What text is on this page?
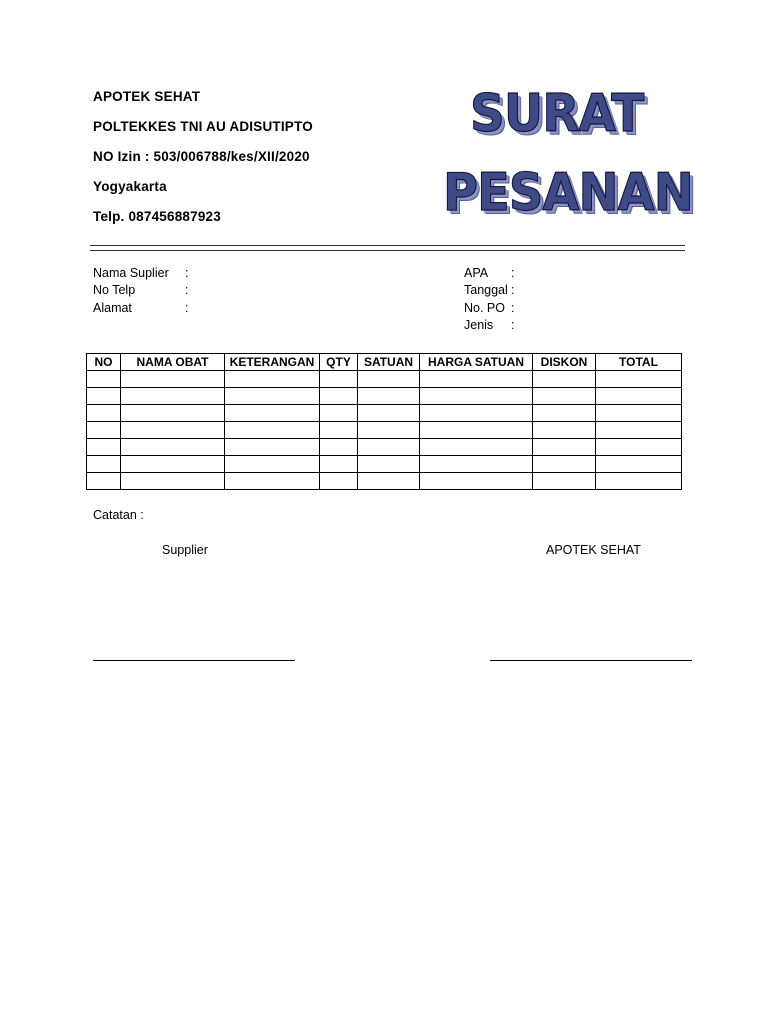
APOTEK SEHAT
POLTEKKES TNI AU ADISUTIPTO
NO Izin : 503/006788/kes/XII/2020
Yogyakarta
Telp. 087456887923
SURAT
PESANAN
Nama Suplier :
No Telp	:
Alamat	:
APA :
Tanggal :
No. PO :
Jenis :
NO	NAMA OBAT	KETERANGAN	QTY	SATUAN	HARGA SATUAN	DISKON	TOTAL

Catatan :
Supplier	APOTEK SEHAT
